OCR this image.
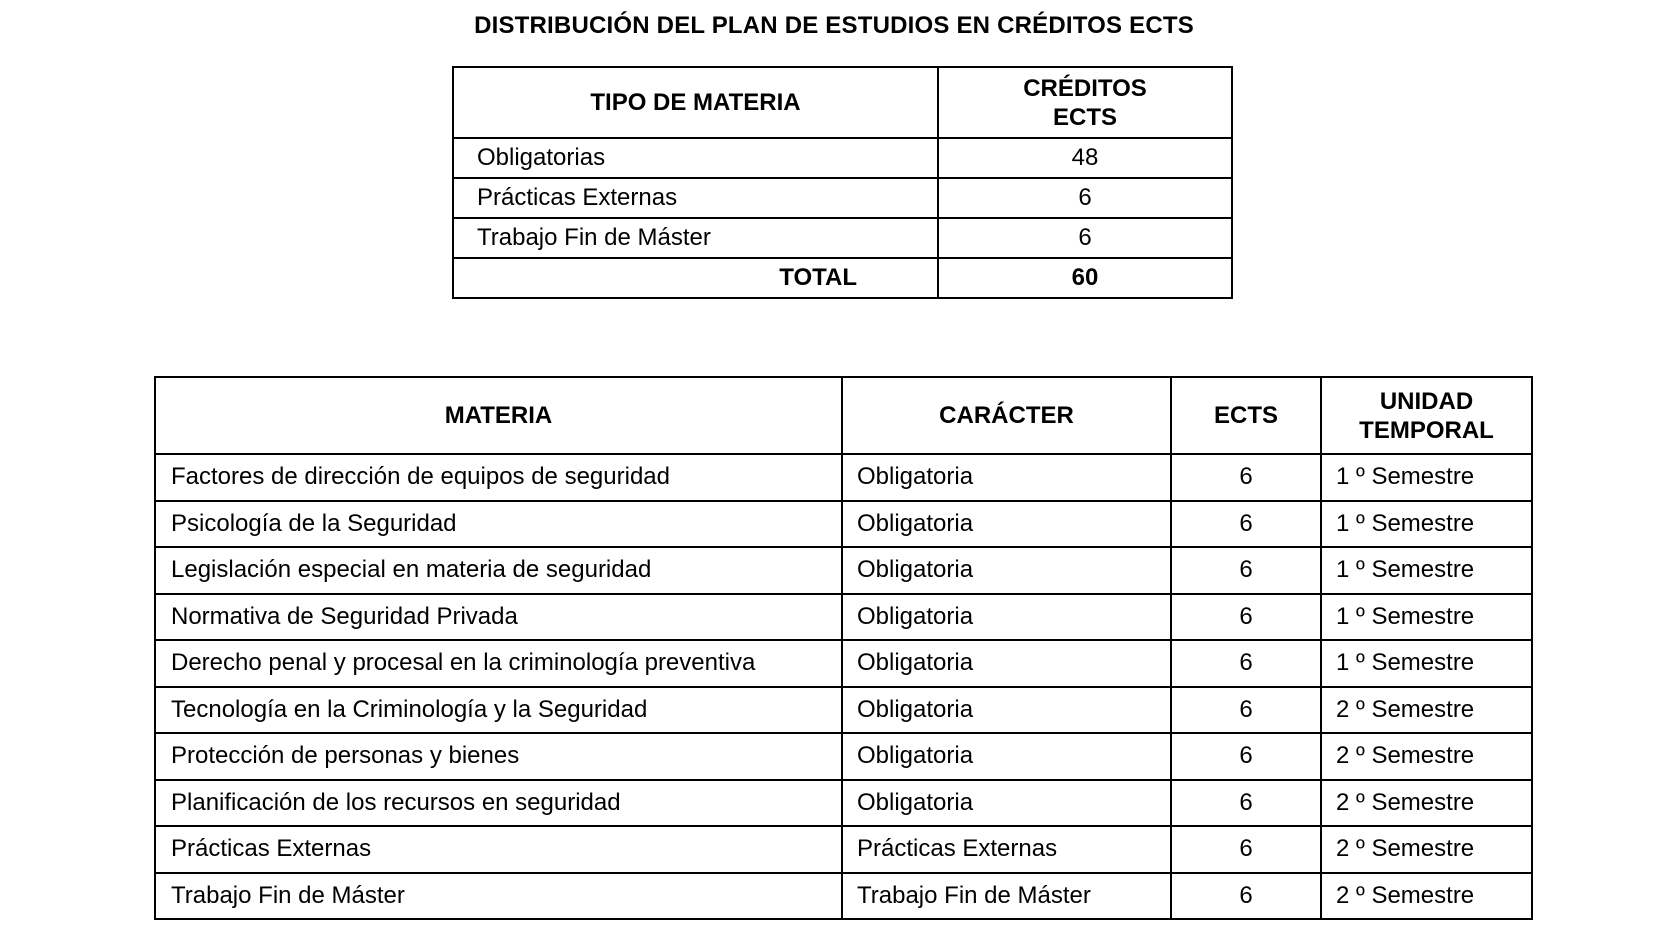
DISTRIBUCIÓN DEL PLAN DE ESTUDIOS EN CRÉDITOS ECTS
TIPO DE MATERIA	CRÉDITOS
ECTS
Obligatorias	48
Prácticas Externas	6
Trabajo Fin de Máster	6
TOTAL	60
MATERIA	CARÁCTER	ECTS	UNIDAD
TEMPORAL
Factores de dirección de equipos de seguridad	Obligatoria	6	1 º Semestre
Psicología de la Seguridad	Obligatoria	6	1 º Semestre
Legislación especial en materia de seguridad	Obligatoria	6	1 º Semestre
Normativa de Seguridad Privada	Obligatoria	6	1 º Semestre
Derecho penal y procesal en la criminología preventiva	Obligatoria	6	1 º Semestre
Tecnología en la Criminología y la Seguridad	Obligatoria	6	2 º Semestre
Protección de personas y bienes	Obligatoria	6	2 º Semestre
Planificación de los recursos en seguridad	Obligatoria	6	2 º Semestre
Prácticas Externas	Prácticas Externas	6	2 º Semestre
Trabajo Fin de Máster	Trabajo Fin de Máster	6	2 º Semestre
